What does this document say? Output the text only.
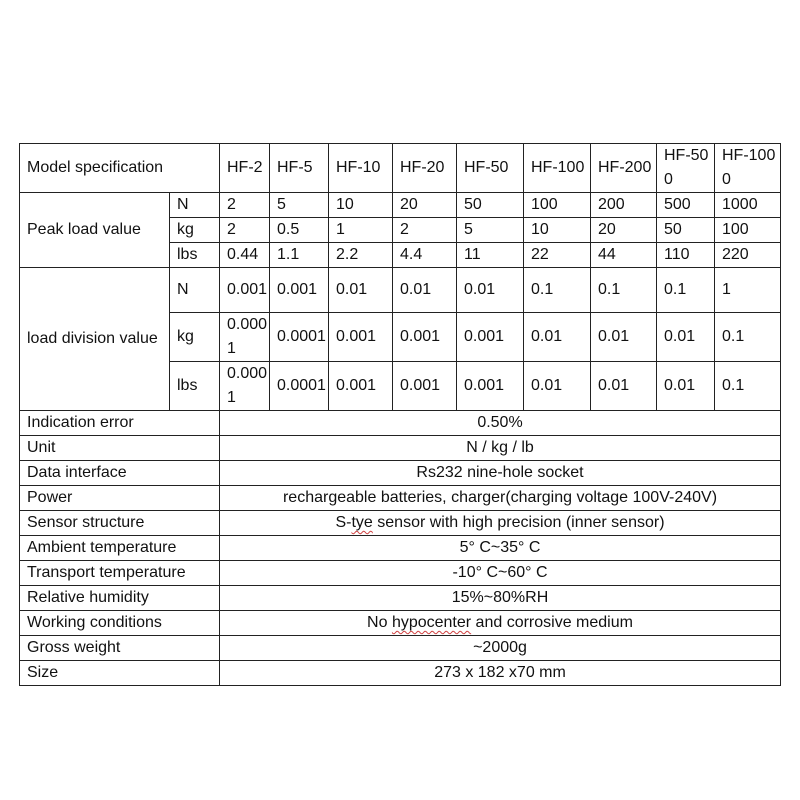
Model specification		HF-2	HF-5	HF-10	HF-20	HF-50	HF-100	HF-200	HF-500	HF-1000
Peak load value	N	2	5	10	20	50	100	200	500	1000
	kg	2	0.5	1	2	5	10	20	50	100
	lbs	0.44	1.1	2.2	4.4	11	22	44	110	220
load division value	N	0.001	0.001	0.01	0.01	0.01	0.1	0.1	0.1	1
	kg	0.0001	0.0001	0.001	0.001	0.001	0.01	0.01	0.01	0.1
	lbs	0.0001	0.0001	0.001	0.001	0.001	0.01	0.01	0.01	0.1
Indication error		0.50%								
Unit		N / kg / lb								
Data interface		Rs232 nine-hole socket								
Power		rechargeable batteries, charger(charging voltage 100V-240V)								
Sensor structure		S-tye sensor with high precision (inner sensor)								
Ambient temperature		5° C~35° C								
Transport temperature		-10° C~60° C								
Relative humidity		15%~80%RH								
Working conditions		No hypocenter and corrosive medium								
Gross weight		~2000g								
Size		273 x 182 x70 mm								
